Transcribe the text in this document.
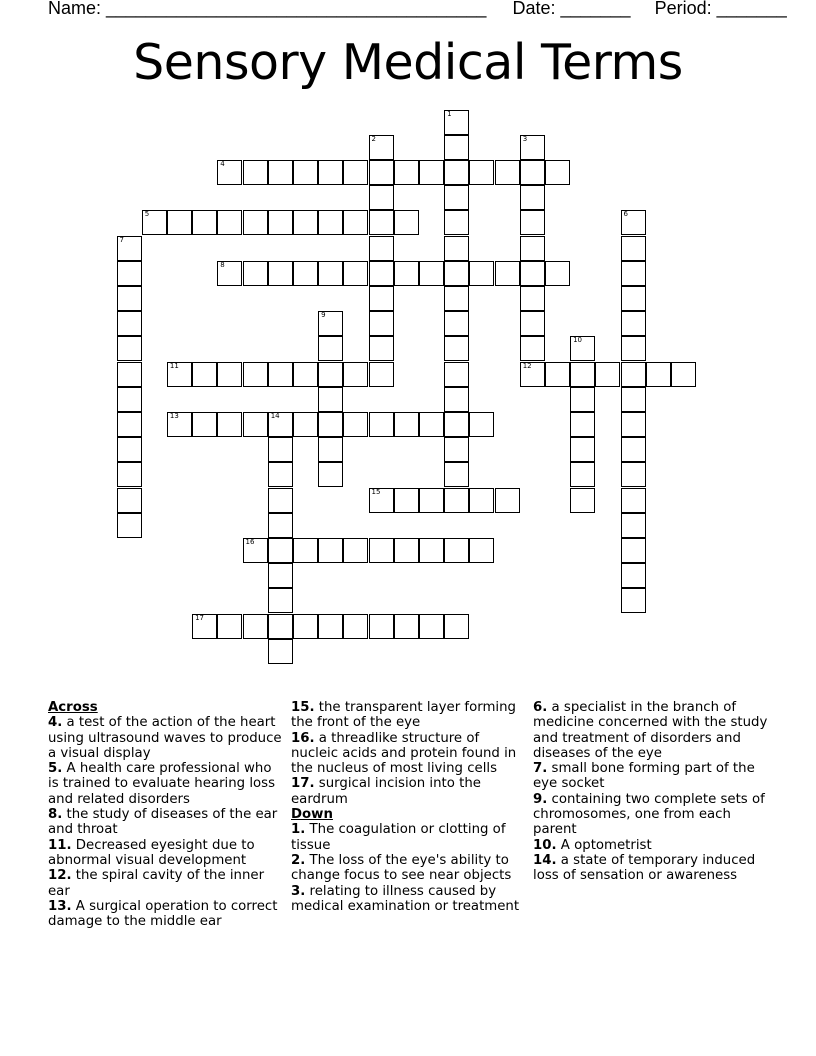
Name: ______________________________________ Date: _______ Period: _______
Sensory Medical Terms
1
2	3
12
4
5	6
7
8
9
10
11
13	14
15
16
17
Across
4. a test of the action of the heart using ultrasound waves to produce a visual display
5. A health care professional who is trained to evaluate hearing loss and related disorders
8. the study of diseases of the ear and throat
11. Decreased eyesight due to abnormal visual development
12. the spiral cavity of the inner ear
13. A surgical operation to correct damage to the middle ear
15. the transparent layer forming the front of the eye
16. a threadlike structure of nucleic acids and protein found in the nucleus of most living cells
17. surgical incision into the eardrum
Down
1. The coagulation or clotting of tissue
2. The loss of the eye's ability to change focus to see near objects
3. relating to illness caused by medical examination or treatment
6. a specialist in the branch of medicine concerned with the study and treatment of disorders and diseases of the eye
7. small bone forming part of the eye socket
9. containing two complete sets of chromosomes, one from each parent
10. A optometrist
14. a state of temporary induced loss of sensation or awareness
